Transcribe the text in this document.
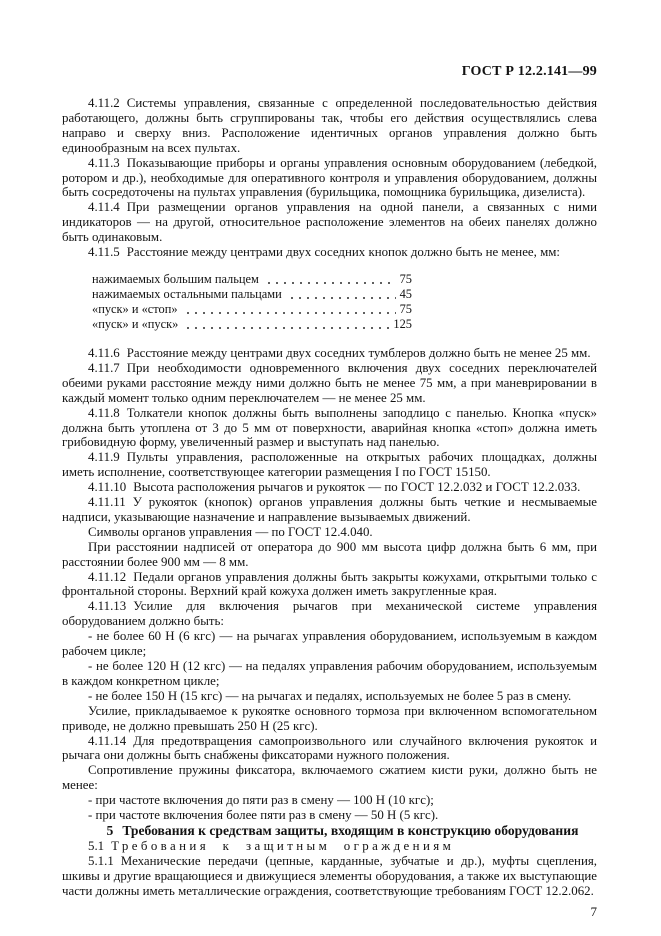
ГОСТ Р 12.2.141—99

4.11.2 Системы управления, связанные с определенной последовательностью действия работающего, должны быть сгруппированы так, чтобы его действия осуществлялись слева направо и сверху вниз. Расположение идентичных органов управления должно быть единообразным на всех пультах.

4.11.3 Показывающие приборы и органы управления основным оборудованием (лебедкой, ротором и др.), необходимые для оперативного контроля и управления оборудованием, должны быть сосредоточены на пультах управления (бурильщика, помощника бурильщика, дизелиста).

4.11.4 При размещении органов управления на одной панели, а связанных с ними индикаторов — на другой, относительное расположение элементов на обеих панелях должно быть одинаковым.

4.11.5 Расстояние между центрами двух соседних кнопок должно быть не менее, мм:

нажимаемых большим пальцем	75
нажимаемых остальными пальцами	45
«пуск» и «стоп»	75
«пуск» и «пуск»	125

4.11.6 Расстояние между центрами двух соседних тумблеров должно быть не менее 25 мм.

4.11.7 При необходимости одновременного включения двух соседних переключателей обеими руками расстояние между ними должно быть не менее 75 мм, а при маневрировании в каждый момент только одним переключателем — не менее 25 мм.

4.11.8 Толкатели кнопок должны быть выполнены заподлицо с панелью. Кнопка «пуск» должна быть утоплена от 3 до 5 мм от поверхности, аварийная кнопка «стоп» должна иметь грибовидную форму, увеличенный размер и выступать над панелью.

4.11.9 Пульты управления, расположенные на открытых рабочих площадках, должны иметь исполнение, соответствующее категории размещения I по ГОСТ 15150.

4.11.10 Высота расположения рычагов и рукояток — по ГОСТ 12.2.032 и ГОСТ 12.2.033.

4.11.11 У рукояток (кнопок) органов управления должны быть четкие и несмываемые надписи, указывающие назначение и направление вызываемых движений.

Символы органов управления — по ГОСТ 12.4.040.

При расстоянии надписей от оператора до 900 мм высота цифр должна быть 6 мм, при расстоянии более 900 мм — 8 мм.

4.11.12 Педали органов управления должны быть закрыты кожухами, открытыми только с фронтальной стороны. Верхний край кожуха должен иметь закругленные края.

4.11.13 Усилие для включения рычагов при механической системе управления оборудованием должно быть:

- не более 60 Н (6 кгс) — на рычагах управления оборудованием, используемым в каждом рабочем цикле;

- не более 120 Н (12 кгс) — на педалях управления рабочим оборудованием, используемым в каждом конкретном цикле;

- не более 150 Н (15 кгс) — на рычагах и педалях, используемых не более 5 раз в смену.

Усилие, прикладываемое к рукоятке основного тормоза при включенном вспомогательном приводе, не должно превышать 250 Н (25 кгс).

4.11.14 Для предотвращения самопроизвольного или случайного включения рукояток и рычага они должны быть снабжены фиксаторами нужного положения.

Сопротивление пружины фиксатора, включаемого сжатием кисти руки, должно быть не менее:

- при частоте включения до пяти раз в смену — 100 Н (10 кгс);

- при частоте включения более пяти раз в смену — 50 Н (5 кгс).

5 Требования к средствам защиты, входящим в конструкцию оборудования

5.1 Требования к защитным ограждениям

5.1.1 Механические передачи (цепные, карданные, зубчатые и др.), муфты сцепления, шкивы и другие вращающиеся и движущиеся элементы оборудования, а также их выступающие части должны иметь металлические ограждения, соответствующие требованиям ГОСТ 12.2.062.

7
